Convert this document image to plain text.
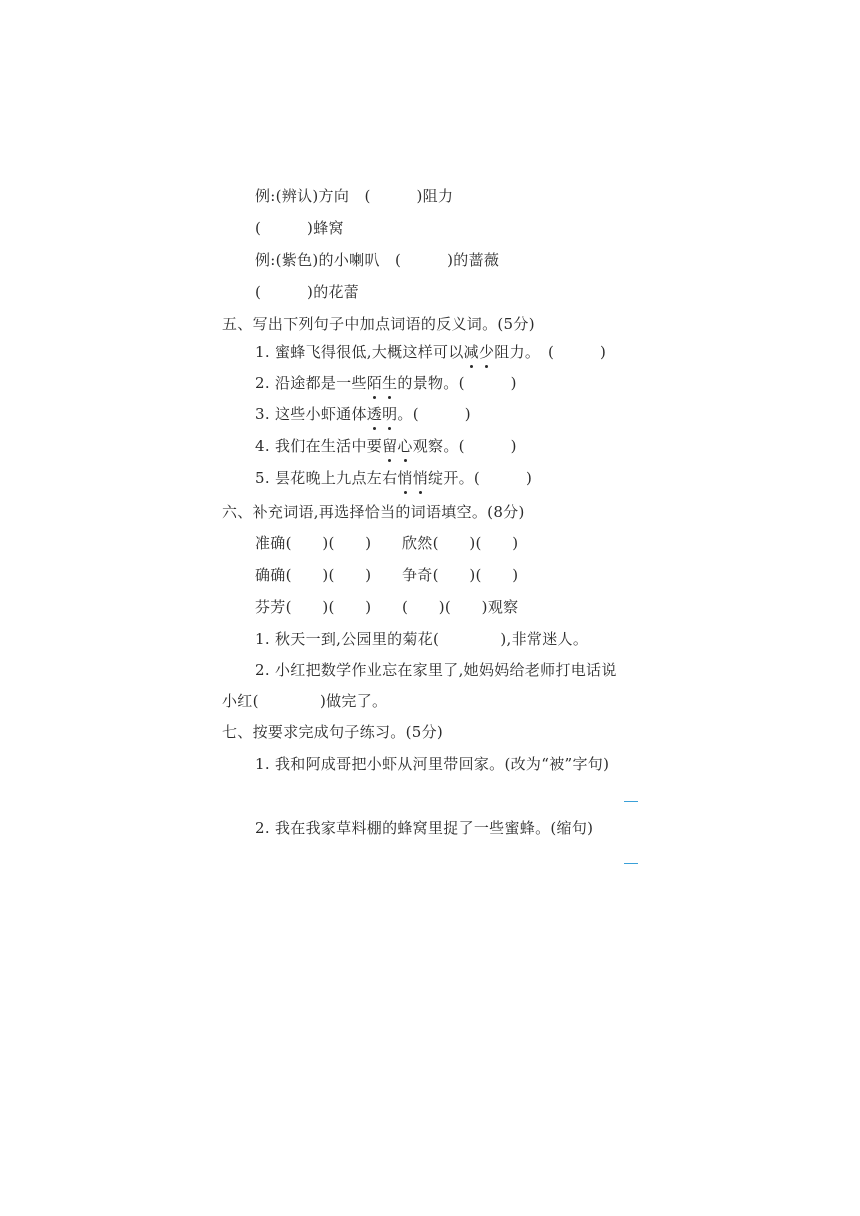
例:(辨认)方向　(　　　)阻力
(　　　)蜂窝
例:(紫色)的小喇叭　(　　　)的蔷薇
(　　　)的花蕾
五、写出下列句子中加点词语的反义词。(5分)
1. 蜜蜂飞得很低,大概这样可以减少阻力。　(　　　)
2. 沿途都是一些陌生的景物。(　　　)
3. 这些小虾通体透明。(　　　)
4. 我们在生活中要留心观察。(　　　)
5. 昙花晚上九点左右悄悄绽开。(　　　)
六、补充词语,再选择恰当的词语填空。(8分)
准确(　　)(　　)　　欣然(　　)(　　)
确确(　　)(　　)　　争奇(　　)(　　)
芬芳(　　)(　　)　　(　　)(　　)观察
1. 秋天一到,公园里的菊花(　　　　),非常迷人。
2. 小红把数学作业忘在家里了,她妈妈给老师打电话说
小红(　　　　)做完了。
七、按要求完成句子练习。(5分)
1. 我和阿成哥把小虾从河里带回家。(改为“被”字句)
2. 我在我家草料棚的蜂窝里捉了一些蜜蜂。(缩句)
